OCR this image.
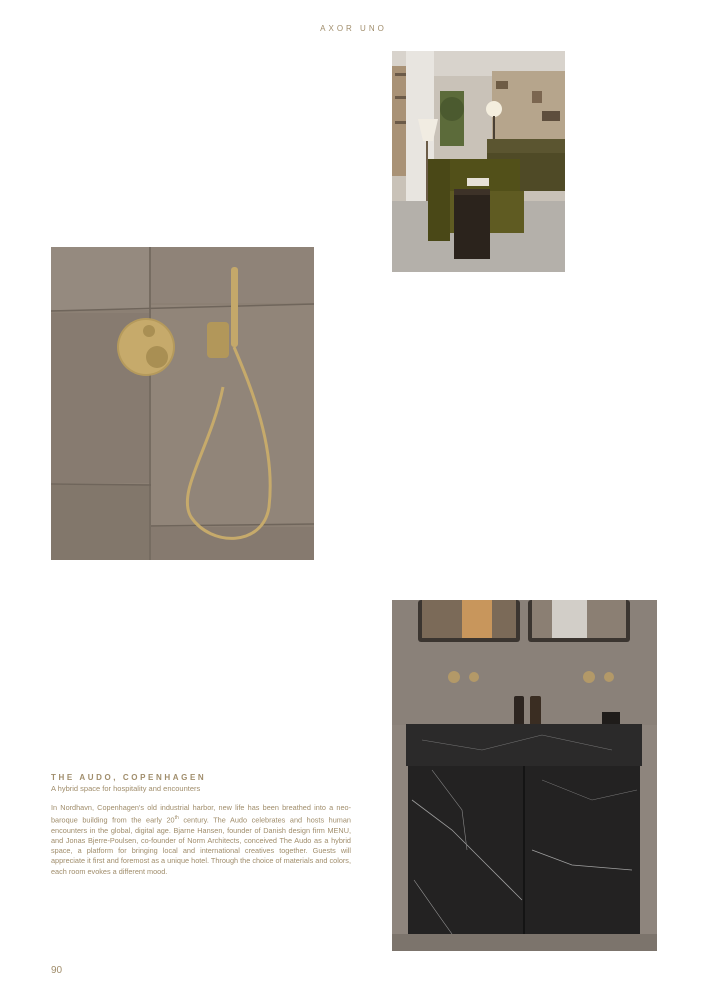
AXOR UNO
THE AUDO, COPENHAGEN

A hybrid space for hospitality and encounters

In Nordhavn, Copenhagen's old industrial harbor, new life has been breathed into a neo-baroque building from the early 20th century. The Audo celebrates and hosts human encounters in the global, digital age. Bjarne Hansen, founder of Danish design firm MENU, and Jonas Bjerre-Poulsen, co-founder of Norm Architects, conceived The Audo as a hybrid space, a platform for bringing local and international creatives together. Guests will appreciate it first and foremost as a unique hotel. Through the choice of materials and colors, each room evokes a different mood.

90
